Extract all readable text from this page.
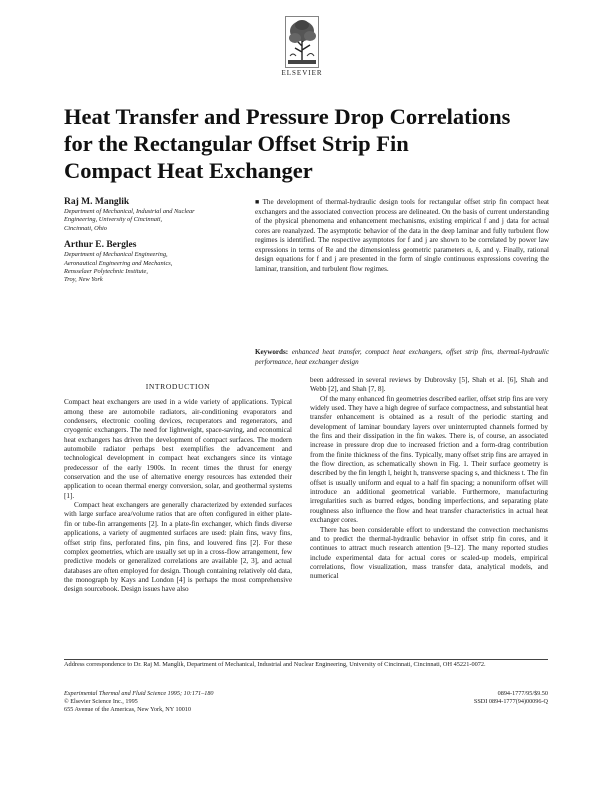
ELSEVIER
Heat Transfer and Pressure Drop Correlations
for the Rectangular Offset Strip Fin
Compact Heat Exchanger
Raj M. Manglik
Department of Mechanical, Industrial and Nuclear
Engineering, University of Cincinnati,
Cincinnati, Ohio
Arthur E. Bergles
Department of Mechanical Engineering,
Aeronautical Engineering and Mechanics,
Rensselaer Polytechnic Institute,
Troy, New York
■ The development of thermal-hydraulic design tools for rectangular offset strip fin compact heat exchangers and the associated convection process are delineated. On the basis of current understanding of the physical phenomena and enhancement mechanisms, existing empirical f and j data for actual cores are reanalyzed. The asymptotic behavior of the data in the deep laminar and fully turbulent flow regimes is identified. The respective asymptotes for f and j are shown to be correlated by power law expressions in terms of Re and the dimensionless geometric parameters α, δ, and γ. Finally, rational design equations for f and j are presented in the form of single continuous expressions covering the laminar, transition, and turbulent flow regimes.
Keywords: enhanced heat transfer, compact heat exchangers, offset strip fins, thermal-hydraulic performance, heat exchanger design
INTRODUCTION

Compact heat exchangers are used in a wide variety of applications. Typical among these are automobile radiators, air-conditioning evaporators and condensers, electronic cooling devices, recuperators and regenerators, and cryogenic exchangers. The need for lightweight, space-saving, and economical heat exchangers has driven the development of compact surfaces. The modern automobile radiator perhaps best exemplifies the advancement and technological development in compact heat exchangers since its vintage predecessor of the early 1900s. In recent times the thrust for energy conservation and the use of alternative energy resources has extended their application to ocean thermal energy conversion, solar, and geothermal systems [1].

Compact heat exchangers are generally characterized by extended surfaces with large surface area/volume ratios that are often configured in either plate-fin or tube-fin arrangements [2]. In a plate-fin exchanger, which finds diverse applications, a variety of augmented surfaces are used: plain fins, wavy fins, offset strip fins, perforated fins, pin fins, and louvered fins [2]. For these complex geometries, which are usually set up in a cross-flow arrangement, few predictive models or generalized correlations are available [2, 3], and actual databases are often employed for design. Though containing relatively old data, the monograph by Kays and London [4] is perhaps the most comprehensive design sourcebook. Design issues have also

been addressed in several reviews by Dubrovsky [5], Shah et al. [6], Shah and Webb [2], and Shah [7, 8].

Of the many enhanced fin geometries described earlier, offset strip fins are very widely used. They have a high degree of surface compactness, and substantial heat transfer enhancement is obtained as a result of the periodic starting and development of laminar boundary layers over uninterrupted channels formed by the fins and their dissipation in the fin wakes. There is, of course, an associated increase in pressure drop due to increased friction and a form-drag contribution from the finite thickness of the fins. Typically, many offset strip fins are arrayed in the flow direction, as schematically shown in Fig. 1. Their surface geometry is described by the fin length l, height h, transverse spacing s, and thickness t. The fin offset is usually uniform and equal to a half fin spacing; a nonuniform offset will introduce an additional geometrical variable. Furthermore, manufacturing irregularities such as burred edges, bonding imperfections, and separating plate roughness also influence the flow and heat transfer characteristics in actual heat exchanger cores.

There has been considerable effort to understand the convection mechanisms and to predict the thermal-hydraulic behavior in offset strip fin cores, and it continues to attract much research attention [9–12]. The many reported studies include experimental data for actual cores or scaled-up models, empirical correlations, flow visualization, mass transfer data, analytical models, and numerical

Address correspondence to Dr. Raj M. Manglik, Department of Mechanical, Industrial and Nuclear Engineering, University of Cincinnati, Cincinnati, OH 45221-0072.
Experimental Thermal and Fluid Science 1995; 10:171–180
© Elsevier Science Inc., 1995
655 Avenue of the Americas, New York, NY 10010
0894-1777/95/$9.50
SSDI 0894-1777(94)00096-Q
